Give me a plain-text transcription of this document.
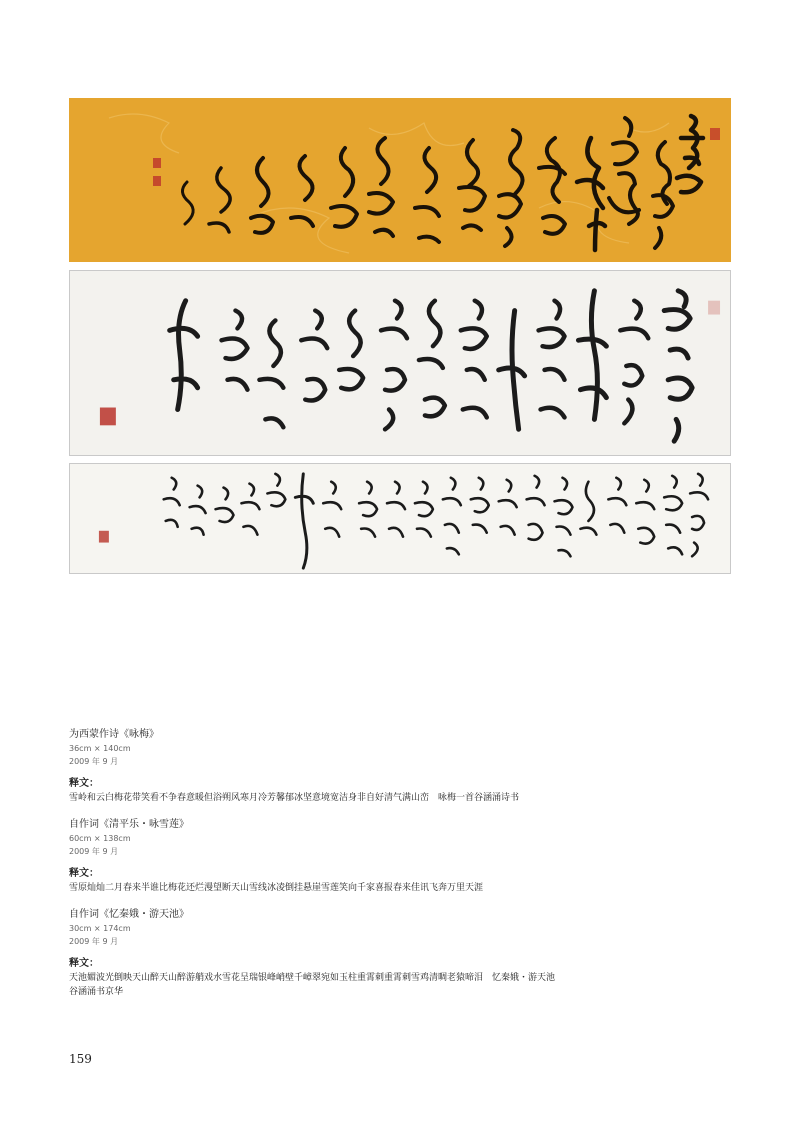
为西蒙作诗《咏梅》
36cm × 140cm
2009 年 9 月
释文：
雪岭和云白梅花带笑看不争春意暖但浴朔风寒月冷芳馨郁冰坚意境宽洁身非自好清气满山峦　咏梅一首谷涵涌诗书
自作词《清平乐・咏雪莲》
60cm × 138cm
2009 年 9 月
释文：
雪原灿灿二月春来半谁比梅花还烂漫望断天山雪线冰凌倒挂悬崖雪莲笑向千家喜报春来佳讯飞奔万里天涯
自作词《忆秦娥・游天池》
30cm × 174cm
2009 年 9 月
释文：
天池媚波光倒映天山醉天山醉游艄戏水雪花呈瑞银峰峭壁千嶂翠宛如玉柱重霄刺重霄刺雪鸡清啁老猿啼泪　忆秦娥・游天池
谷涵涌书京华
159
